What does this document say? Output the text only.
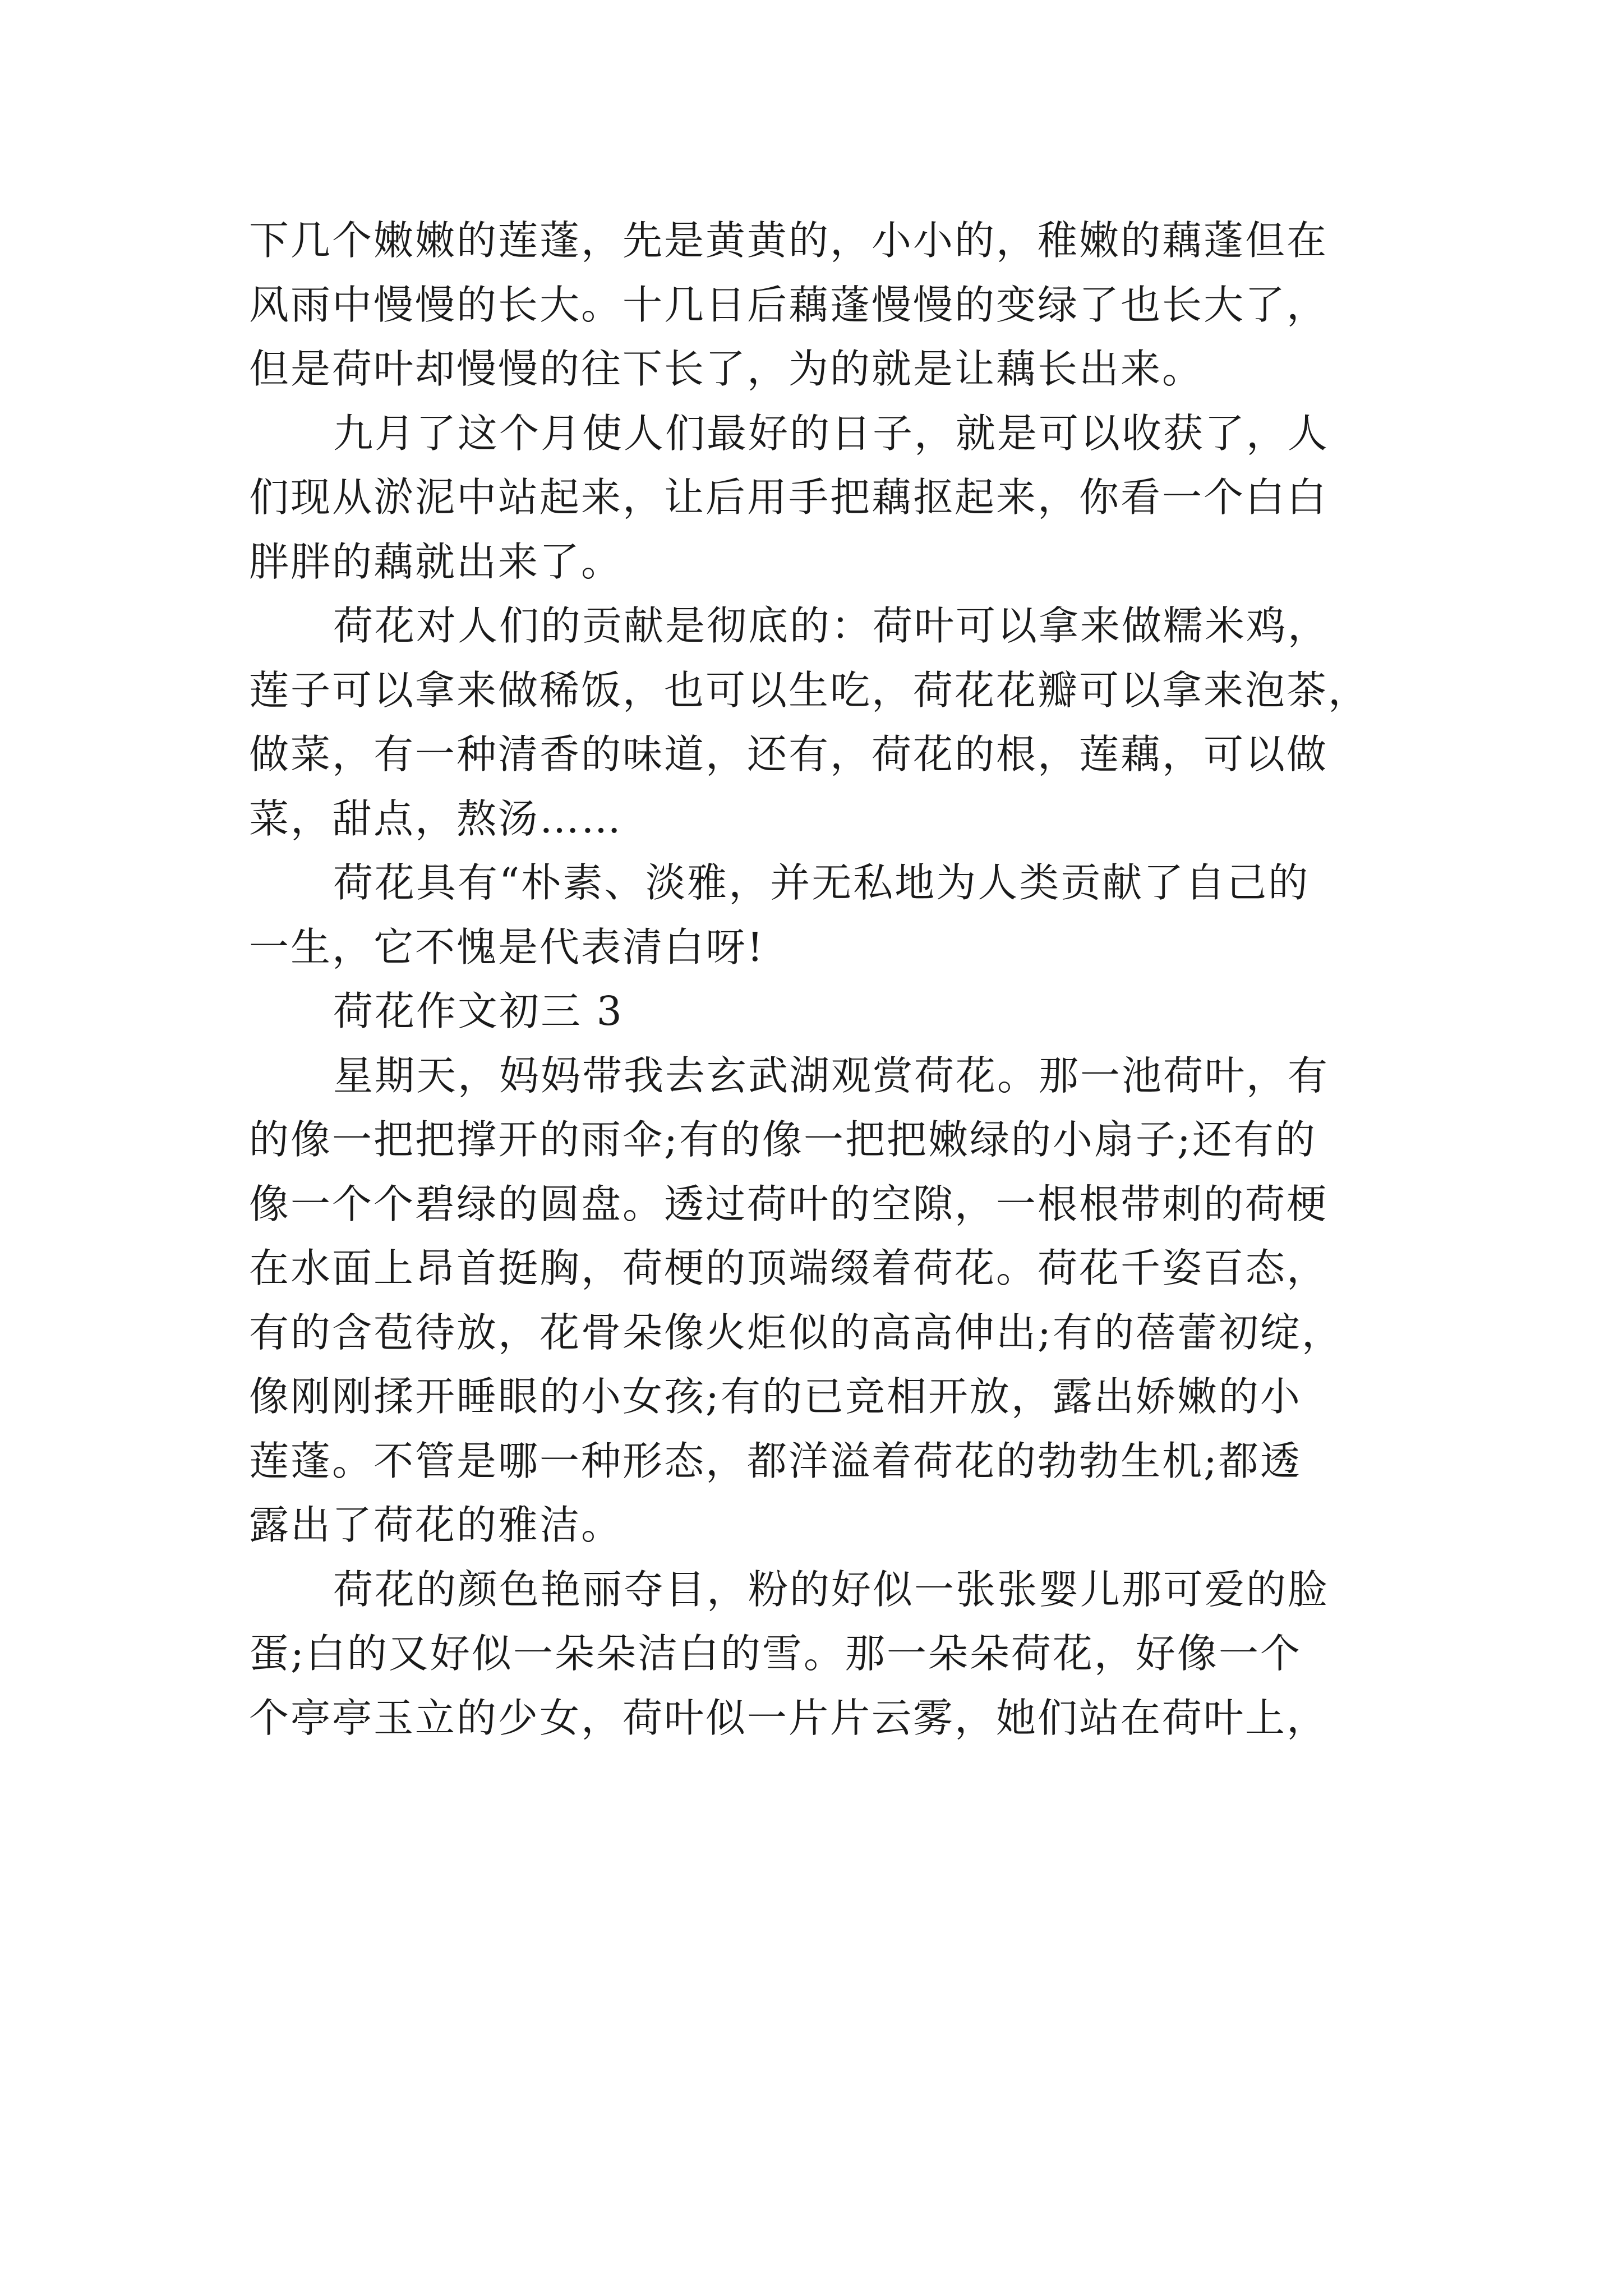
下几个嫩嫩的莲蓬，先是黄黄的，小小的，稚嫩的藕蓬但在
风雨中慢慢的长大。十几日后藕蓬慢慢的变绿了也长大了，
但是荷叶却慢慢的往下长了，为的就是让藕长出来。
九月了这个月使人们最好的日子，就是可以收获了，人
们现从淤泥中站起来，让后用手把藕抠起来，你看一个白白
胖胖的藕就出来了。
荷花对人们的贡献是彻底的：荷叶可以拿来做糯米鸡，
莲子可以拿来做稀饭，也可以生吃，荷花花瓣可以拿来泡茶，
做菜，有一种清香的味道，还有，荷花的根，莲藕，可以做
菜，甜点，熬汤……
荷花具有“朴素、淡雅，并无私地为人类贡献了自己的
一生，它不愧是代表清白呀!
荷花作文初三 3
星期天，妈妈带我去玄武湖观赏荷花。那一池荷叶，有
的像一把把撑开的雨伞;有的像一把把嫩绿的小扇子;还有的
像一个个碧绿的圆盘。透过荷叶的空隙，一根根带刺的荷梗
在水面上昂首挺胸，荷梗的顶端缀着荷花。荷花千姿百态，
有的含苞待放，花骨朵像火炬似的高高伸出;有的蓓蕾初绽，
像刚刚揉开睡眼的小女孩;有的已竞相开放，露出娇嫩的小
莲蓬。不管是哪一种形态，都洋溢着荷花的勃勃生机;都透
露出了荷花的雅洁。
荷花的颜色艳丽夺目，粉的好似一张张婴儿那可爱的脸
蛋;白的又好似一朵朵洁白的雪。那一朵朵荷花，好像一个
个亭亭玉立的少女，荷叶似一片片云雾，她们站在荷叶上，
